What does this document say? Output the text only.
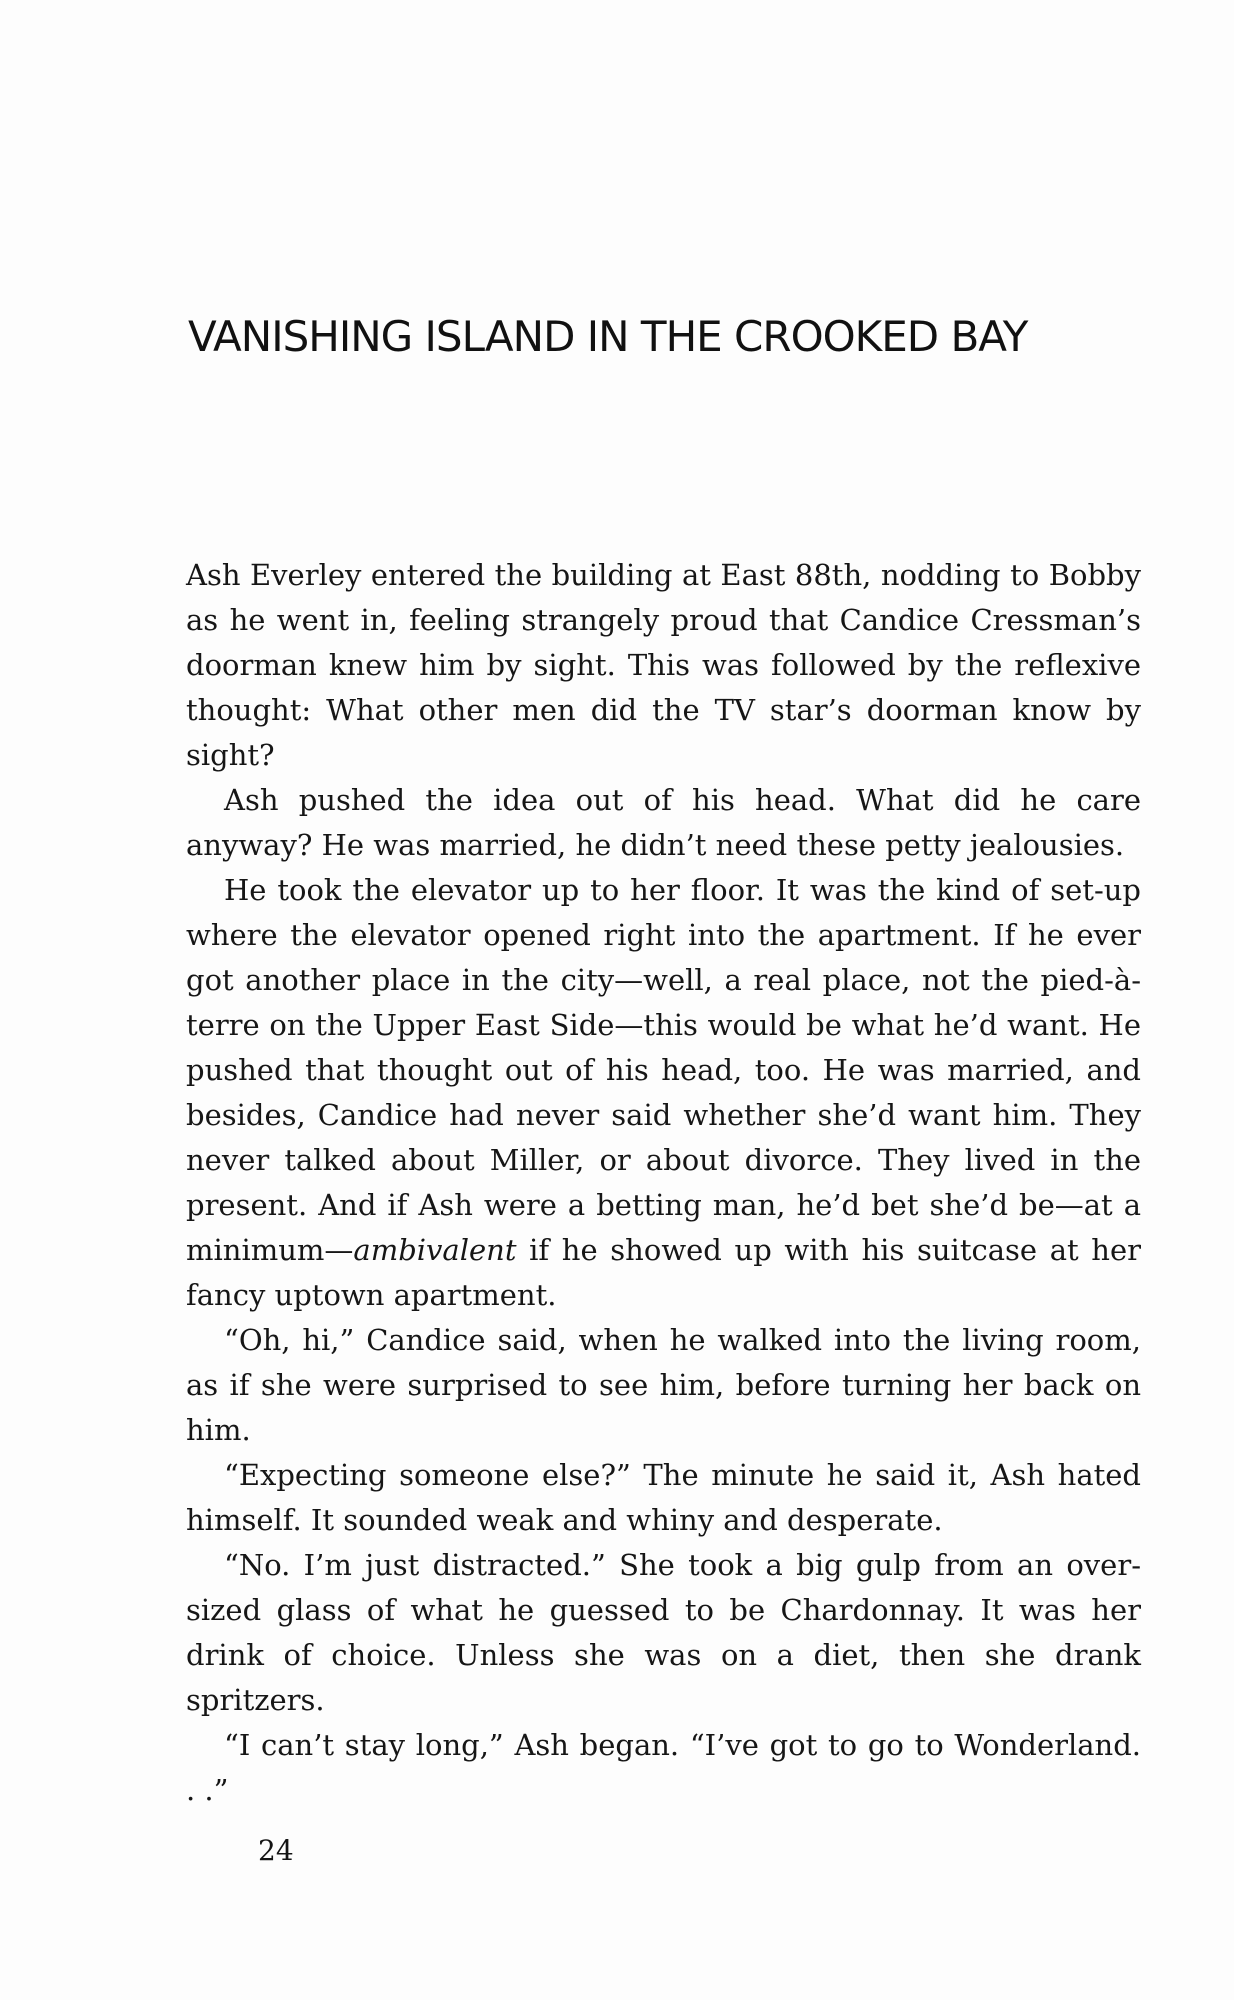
VANISHING ISLAND IN THE CROOKED BAY

Ash Everley entered the building at East 88th, nodding to Bobby as he went in, feeling strangely proud that Candice Cressman’s doorman knew him by sight. This was followed by the reflexive thought: What other men did the TV star’s doorman know by sight?

Ash pushed the idea out of his head. What did he care anyway? He was married, he didn’t need these petty jealousies.

He took the elevator up to her floor. It was the kind of set-up where the elevator opened right into the apartment. If he ever got another place in the city—well, a real place, not the pied-à-terre on the Upper East Side—this would be what he’d want. He pushed that thought out of his head, too. He was married, and besides, Candice had never said whether she’d want him. They never talked about Miller, or about divorce. They lived in the present. And if Ash were a betting man, he’d bet she’d be—at a minimum—ambivalent if he showed up with his suitcase at her fancy uptown apartment.

“Oh, hi,” Candice said, when he walked into the living room, as if she were surprised to see him, before turning her back on him.

“Expecting someone else?” The minute he said it, Ash hated himself. It sounded weak and whiny and desperate.

“No. I’m just distracted.” She took a big gulp from an oversized glass of what he guessed to be Chardonnay. It was her drink of choice. Unless she was on a diet, then she drank spritzers.

“I can’t stay long,” Ash began. “I’ve got to go to Wonderland. . .”

24
